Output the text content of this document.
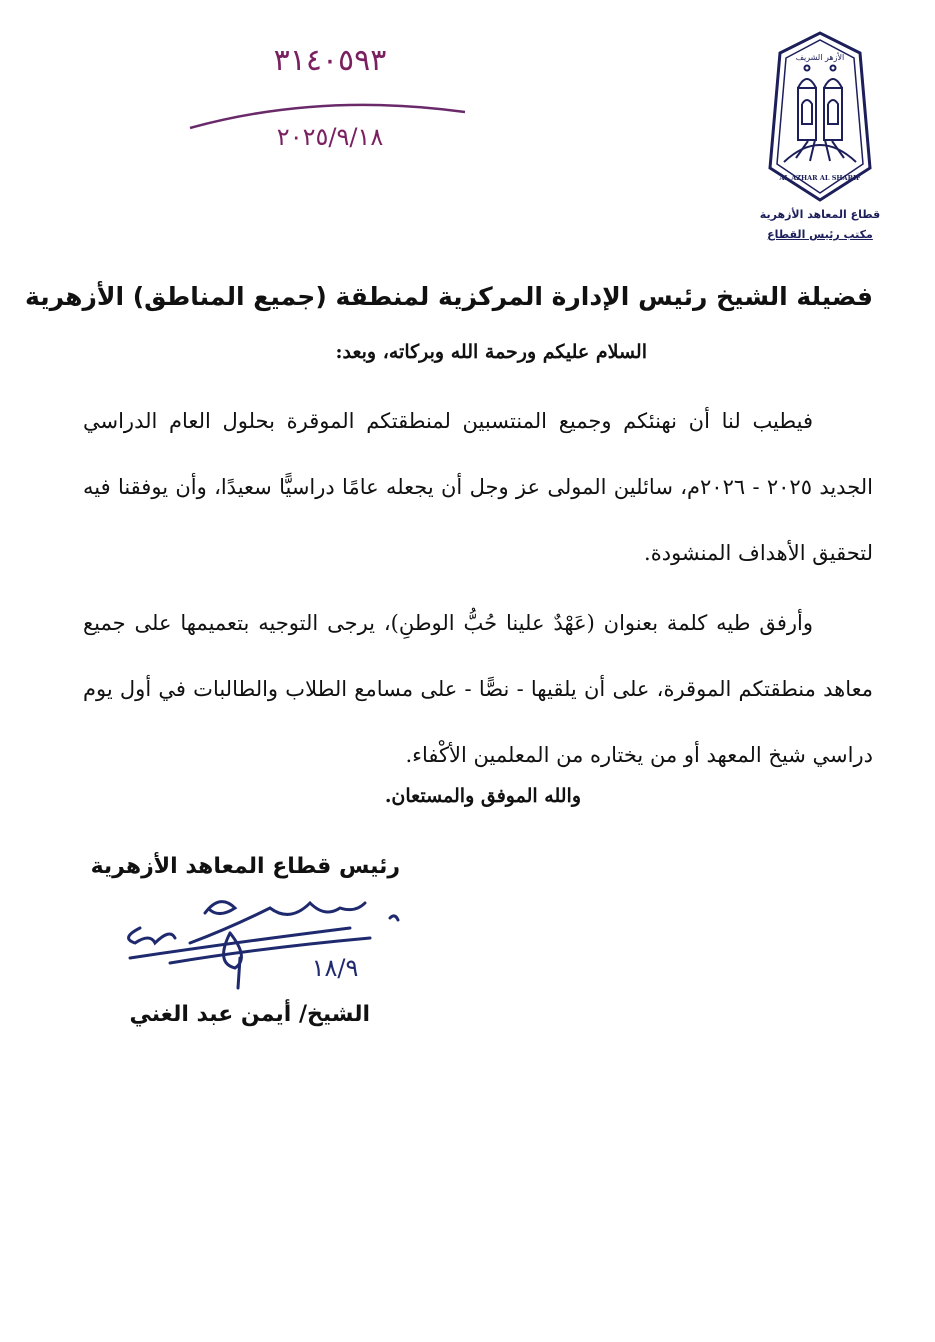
الأزهر الشريف
AL AZHAR AL SHARIF
قطاع المعاهد الأزهرية
مكتب رئيس القطاع
٣١٤٠٥٩٣
٢٠٢٥/٩/١٨
فضيلة الشيخ رئيس الإدارة المركزية لمنطقة (جميع المناطق) الأزهرية
السلام عليكم ورحمة الله وبركاته، وبعد:
فيطيب لنا أن نهنئكم وجميع المنتسبين لمنطقتكم الموقرة بحلول العام الدراسي الجديد ٢٠٢٥ - ٢٠٢٦م، سائلين المولى عز وجل أن يجعله عامًا دراسيًّا سعيدًا، وأن يوفقنا فيه لتحقيق الأهداف المنشودة.
وأرفق طيه كلمة بعنوان (عَهْدٌ علينا حُبُّ الوطنِ)، يرجى التوجيه بتعميمها على جميع معاهد منطقتكم الموقرة، على أن يلقيها - نصًّا - على مسامع الطلاب والطالبات في أول يوم دراسي شيخ المعهد أو من يختاره من المعلمين الأكْفاء.
والله الموفق والمستعان.
رئيس قطاع المعاهد الأزهرية
١٨/٩
الشيخ/ أيمن عبد الغني
